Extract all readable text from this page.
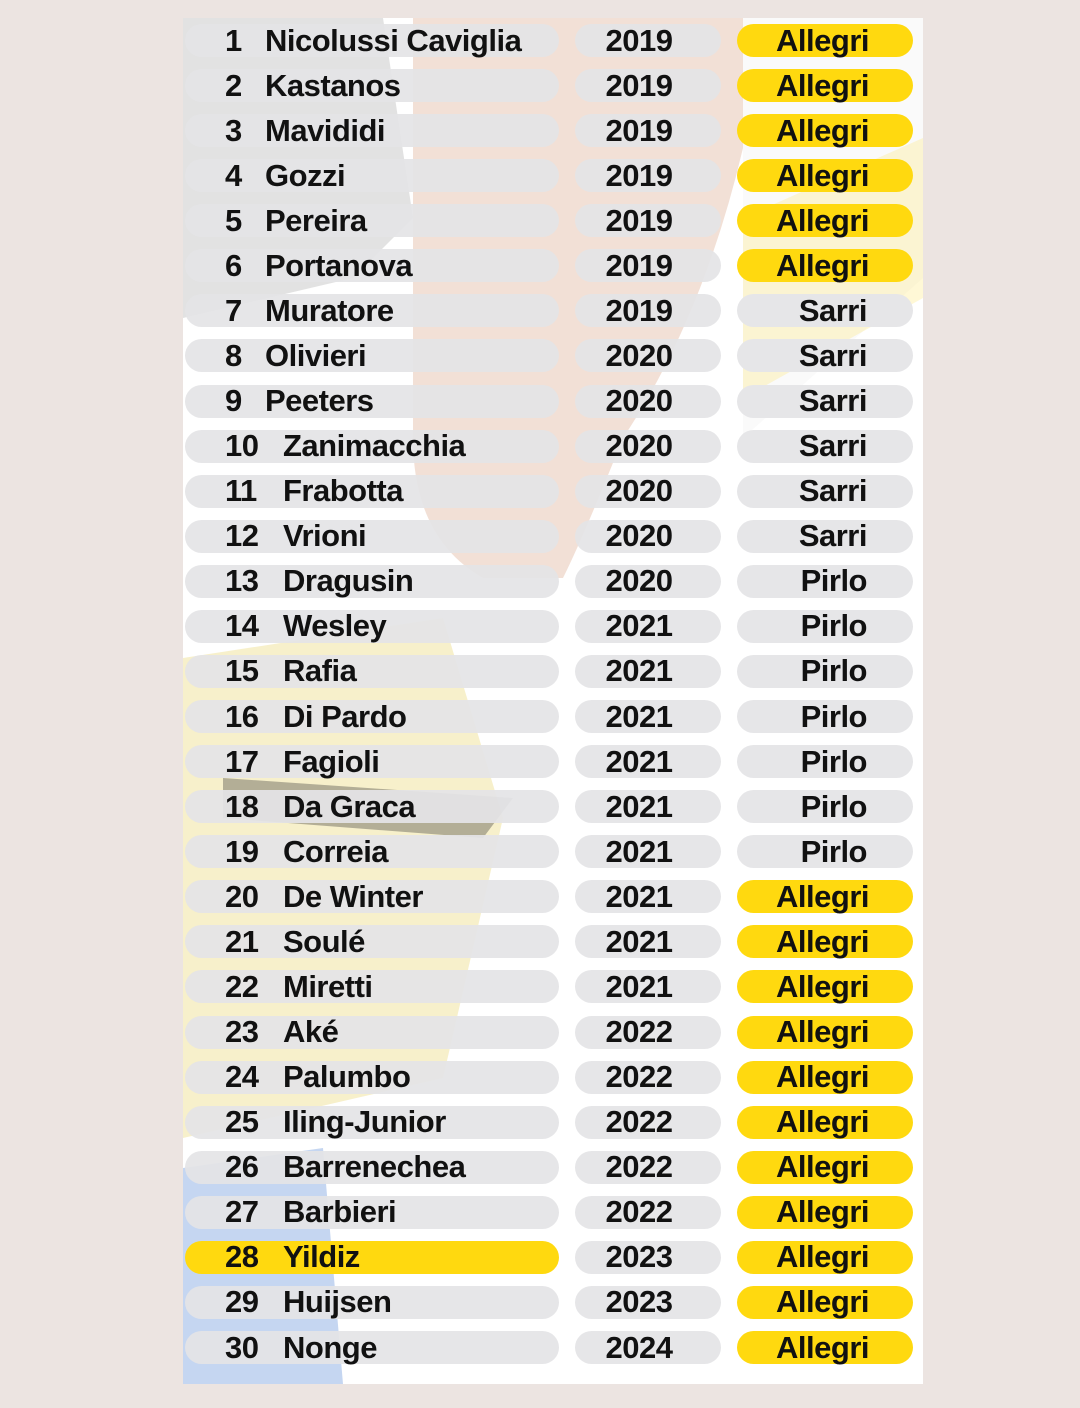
1 Nicolussi Caviglia	2019	Allegri
2 Kastanos	2019	Allegri
3 Mavididi	2019	Allegri
4 Gozzi	2019	Allegri
5 Pereira	2019	Allegri
6 Portanova	2019	Allegri
7 Muratore	2019	Sarri
8 Olivieri	2020	Sarri
9 Peeters	2020	Sarri
10 Zanimacchia	2020	Sarri
11 Frabotta	2020	Sarri
12 Vrioni	2020	Sarri
13 Dragusin	2020	Pirlo
14 Wesley	2021	Pirlo
15 Rafia	2021	Pirlo
16 Di Pardo	2021	Pirlo
17 Fagioli	2021	Pirlo
18 Da Graca	2021	Pirlo
19 Correia	2021	Pirlo
20 De Winter	2021	Allegri
21 Soulé	2021	Allegri
22 Miretti	2021	Allegri
23 Aké	2022	Allegri
24 Palumbo	2022	Allegri
25 Iling-Junior	2022	Allegri
26 Barrenechea	2022	Allegri
27 Barbieri	2022	Allegri
28 Yildiz	2023	Allegri
29 Huijsen	2023	Allegri
30 Nonge	2024	Allegri
